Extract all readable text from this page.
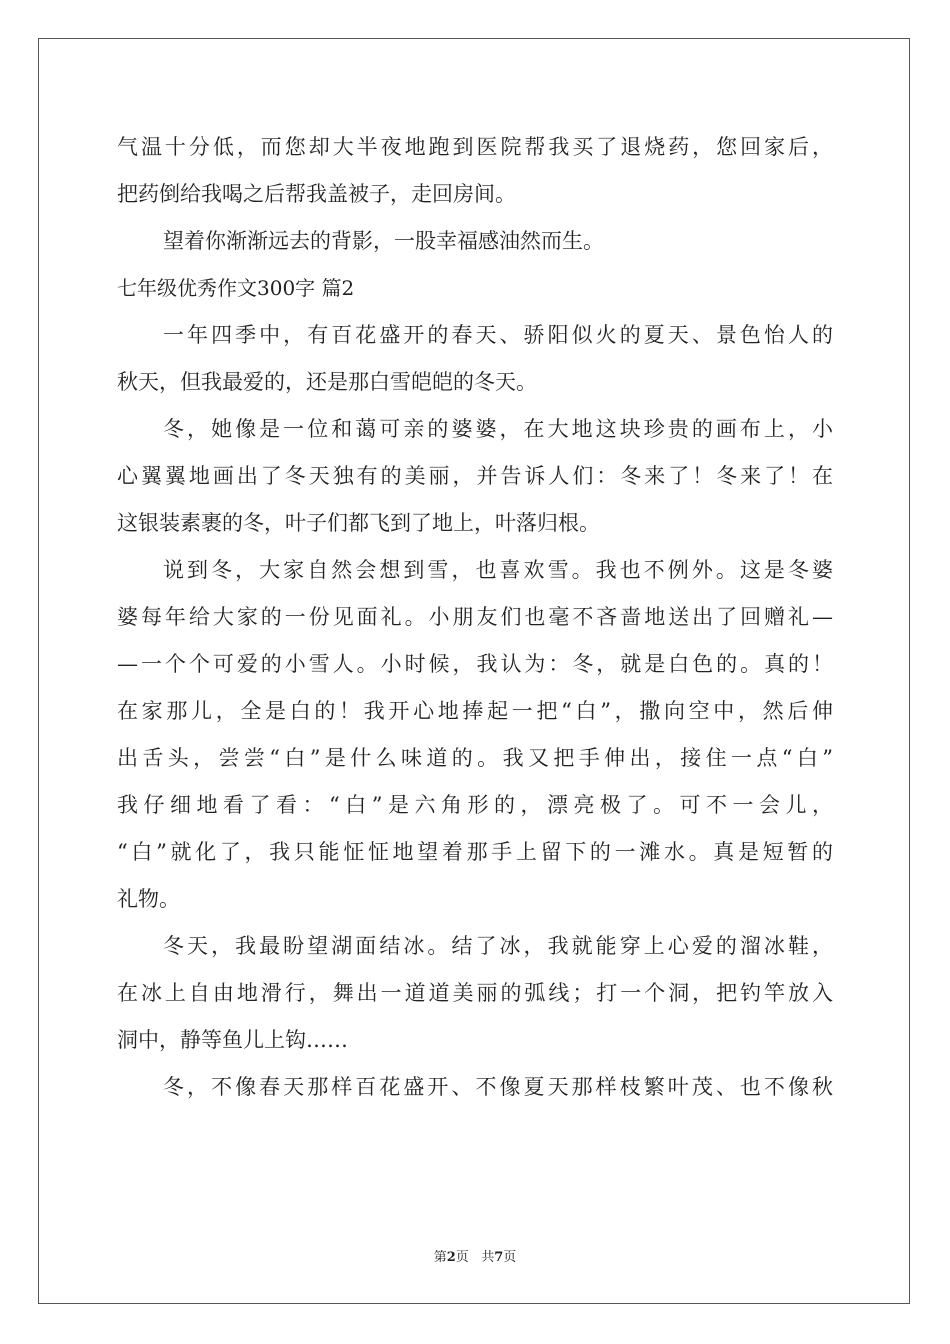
气温十分低，而您却大半夜地跑到医院帮我买了退烧药，您回家后，
把药倒给我喝之后帮我盖被子，走回房间。
望着你渐渐远去的背影，一股幸福感油然而生。
七年级优秀作文300字 篇2
一年四季中，有百花盛开的春天、骄阳似火的夏天、景色怡人的
秋天，但我最爱的，还是那白雪皑皑的冬天。
冬，她像是一位和蔼可亲的婆婆，在大地这块珍贵的画布上，小
心翼翼地画出了冬天独有的美丽，并告诉人们：冬来了！冬来了！在
这银装素裹的冬，叶子们都飞到了地上，叶落归根。
说到冬，大家自然会想到雪，也喜欢雪。我也不例外。这是冬婆
婆每年给大家的一份见面礼。小朋友们也毫不吝啬地送出了回赠礼—
—一个个可爱的小雪人。小时候，我认为：冬，就是白色的。真的！
在家那儿，全是白的！我开心地捧起一把“白”，撒向空中，然后伸
出舌头，尝尝“白”是什么味道的。我又把手伸出，接住一点“白”
我仔细地看了看：“白”是六角形的，漂亮极了。可不一会儿，
“白”就化了，我只能怔怔地望着那手上留下的一滩水。真是短暂的
礼物。
冬天，我最盼望湖面结冰。结了冰，我就能穿上心爱的溜冰鞋，
在冰上自由地滑行，舞出一道道美丽的弧线；打一个洞，把钓竿放入
洞中，静等鱼儿上钩……
冬，不像春天那样百花盛开、不像夏天那样枝繁叶茂、也不像秋
第2页   共7页
